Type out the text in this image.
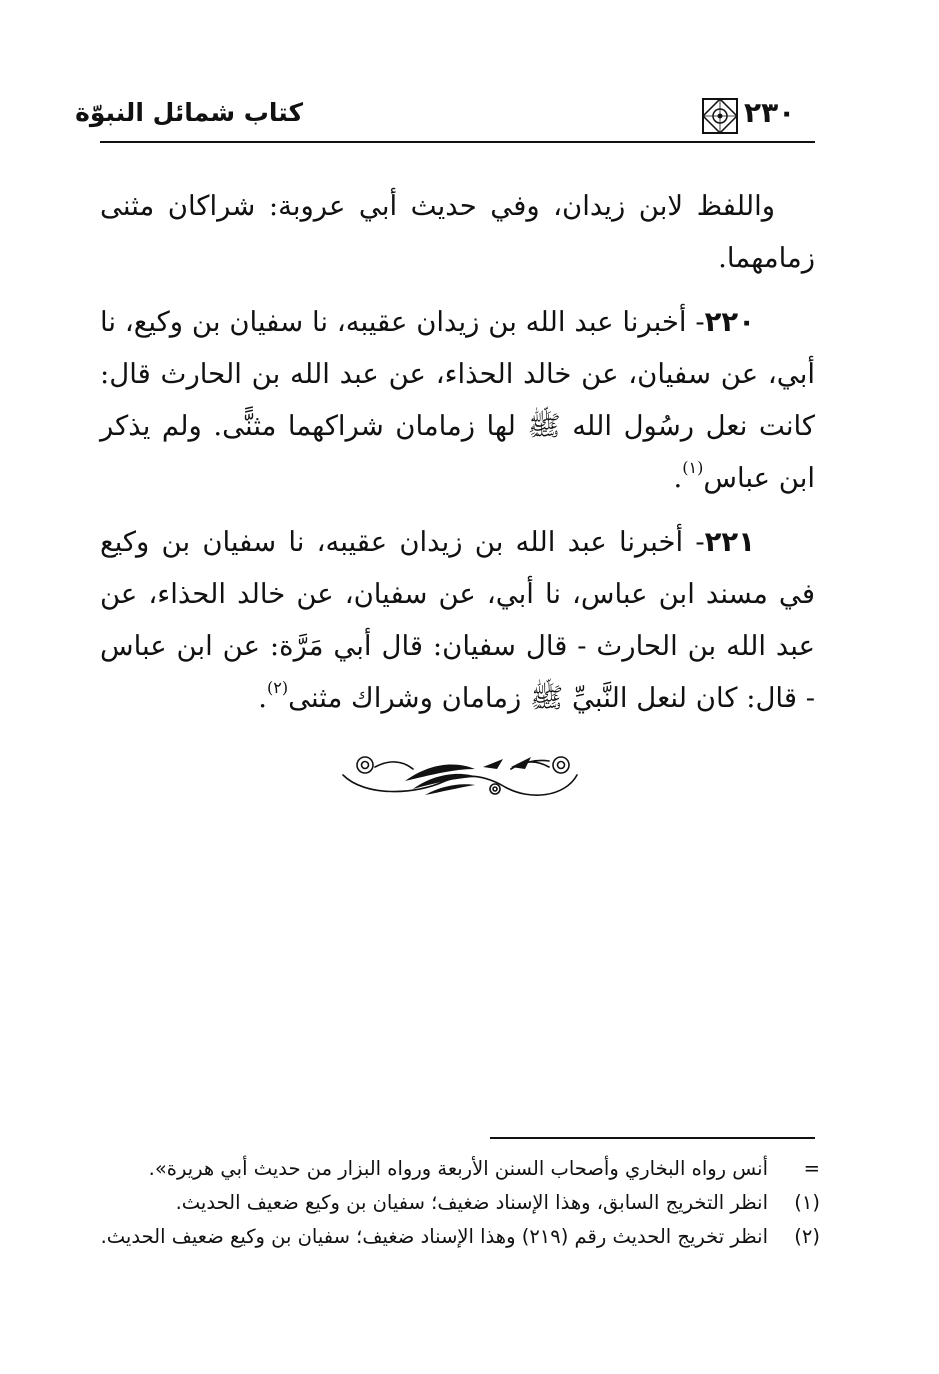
٢٣٠
كتاب شمائل النبوّة

واللفظ لابن زيدان، وفي حديث أبي عروبة: شراكان مثنى زمامهما.

٢٢٠- أخبرنا عبد الله بن زيدان عقيبه، نا سفيان بن وكيع، نا أبي، عن سفيان، عن خالد الحذاء، عن عبد الله بن الحارث قال: كانت نعل رسُول الله ﷺ لها زمامان شراكهما مثنًّى. ولم يذكر ابن عباس$^{(١)}$.

٢٢١- أخبرنا عبد الله بن زيدان عقيبه، نا سفيان بن وكيع في مسند ابن عباس، نا أبي، عن سفيان، عن خالد الحذاء، عن عبد الله بن الحارث - قال سفيان: قال أبي مَرَّة: عن ابن عباس - قال: كان لنعل النَّبيِّ ﷺ زمامان وشراك مثنى$^{(٢)}$.

=
أنس رواه البخاري وأصحاب السنن الأربعة ورواه البزار من حديث أبي هريرة».
(١)
انظر التخريج السابق، وهذا الإسناد ضغيف؛ سفيان بن وكيع ضعيف الحديث.
(٢)
انظر تخريج الحديث رقم (٢١٩) وهذا الإسناد ضغيف؛ سفيان بن وكيع ضعيف الحديث.
